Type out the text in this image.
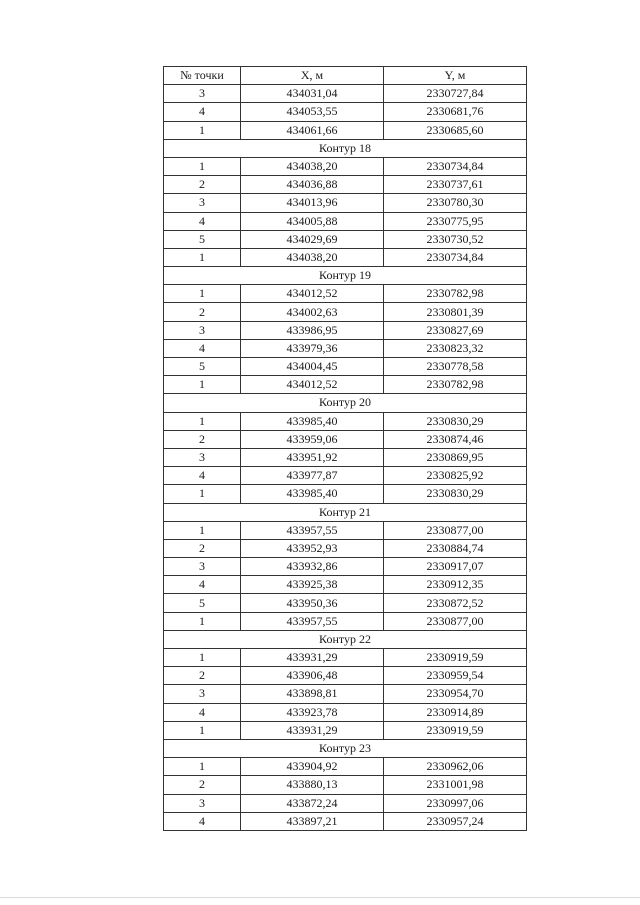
№ точки	X, м	Y, м
3	434031,04	2330727,84
4	434053,55	2330681,76
1	434061,66	2330685,60
Контур 18		
1	434038,20	2330734,84
2	434036,88	2330737,61
3	434013,96	2330780,30
4	434005,88	2330775,95
5	434029,69	2330730,52
1	434038,20	2330734,84
Контур 19		
1	434012,52	2330782,98
2	434002,63	2330801,39
3	433986,95	2330827,69
4	433979,36	2330823,32
5	434004,45	2330778,58
1	434012,52	2330782,98
Контур 20		
1	433985,40	2330830,29
2	433959,06	2330874,46
3	433951,92	2330869,95
4	433977,87	2330825,92
1	433985,40	2330830,29
Контур 21		
1	433957,55	2330877,00
2	433952,93	2330884,74
3	433932,86	2330917,07
4	433925,38	2330912,35
5	433950,36	2330872,52
1	433957,55	2330877,00
Контур 22		
1	433931,29	2330919,59
2	433906,48	2330959,54
3	433898,81	2330954,70
4	433923,78	2330914,89
1	433931,29	2330919,59
Контур 23		
1	433904,92	2330962,06
2	433880,13	2331001,98
3	433872,24	2330997,06
4	433897,21	2330957,24
